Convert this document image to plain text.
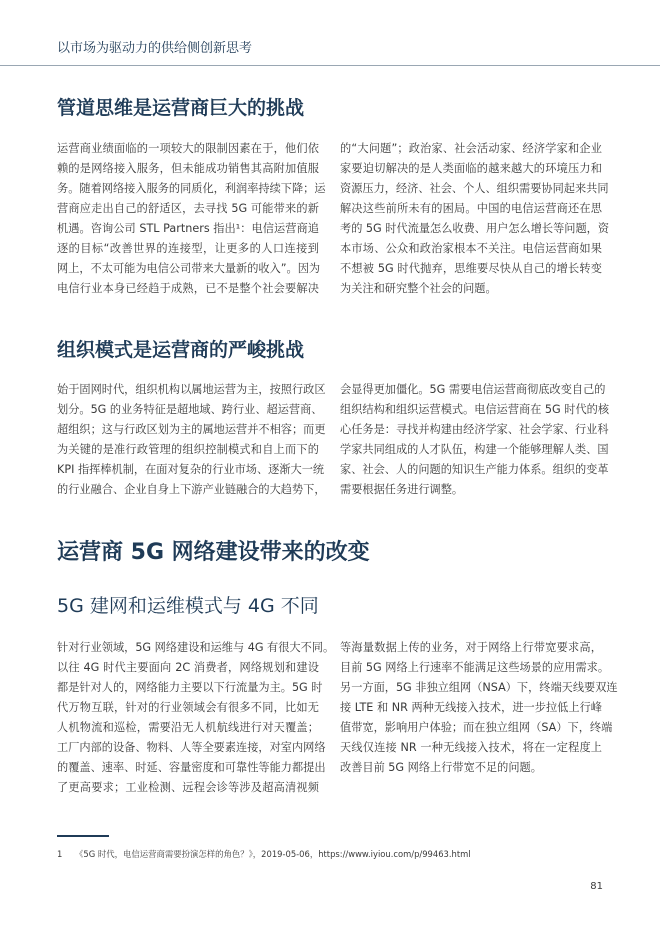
以市场为驱动力的供给侧创新思考
管道思维是运营商巨大的挑战
运营商业绩面临的一项较大的限制因素在于，他们依
赖的是网络接入服务，但未能成功销售其高附加值服
务。随着网络接入服务的同质化，利润率持续下降；运
营商应走出自己的舒适区，去寻找 5G 可能带来的新
机遇。咨询公司 STL Partners 指出¹：电信运营商追
逐的目标“改善世界的连接型，让更多的人口连接到
网上，不太可能为电信公司带来大量新的收入”。因为
电信行业本身已经趋于成熟，已不是整个社会要解决
的“大问题”；政治家、社会活动家、经济学家和企业
家要迫切解决的是人类面临的越来越大的环境压力和
资源压力，经济、社会、个人、组织需要协同起来共同
解决这些前所未有的困局。中国的电信运营商还在思
考的 5G 时代流量怎么收费、用户怎么增长等问题，资
本市场、公众和政治家根本不关注。电信运营商如果
不想被 5G 时代抛弃，思维要尽快从自己的增长转变
为关注和研究整个社会的问题。
组织模式是运营商的严峻挑战
始于固网时代，组织机构以属地运营为主，按照行政区
划分。5G 的业务特征是超地域、跨行业、超运营商、
超组织；这与行政区划为主的属地运营并不相容；而更
为关键的是准行政管理的组织控制模式和自上而下的
KPI 指挥棒机制，在面对复杂的行业市场、逐渐大一统
的行业融合、企业自身上下游产业链融合的大趋势下，
会显得更加僵化。5G 需要电信运营商彻底改变自己的
组织结构和组织运营模式。电信运营商在 5G 时代的核
心任务是：寻找并构建由经济学家、社会学家、行业科
学家共同组成的人才队伍，构建一个能够理解人类、国
家、社会、人的问题的知识生产能力体系。组织的变革
需要根据任务进行调整。
运营商 5G 网络建设带来的改变
5G 建网和运维模式与 4G 不同
针对行业领域，5G 网络建设和运维与 4G 有很大不同。
以往 4G 时代主要面向 2C 消费者，网络规划和建设
都是针对人的，网络能力主要以下行流量为主。5G 时
代万物互联，针对的行业领域会有很多不同，比如无
人机物流和巡检，需要沿无人机航线进行对天覆盖；
工厂内部的设备、物料、人等全要素连接，对室内网络
的覆盖、速率、时延、容量密度和可靠性等能力都提出
了更高要求；工业检测、远程会诊等涉及超高清视频
等海量数据上传的业务，对于网络上行带宽要求高，
目前 5G 网络上行速率不能满足这些场景的应用需求。
另一方面，5G 非独立组网（NSA）下，终端天线要双连
接 LTE 和 NR 两种无线接入技术，进一步拉低上行峰
值带宽，影响用户体验；而在独立组网（SA）下，终端
天线仅连接 NR 一种无线接入技术，将在一定程度上
改善目前 5G 网络上行带宽不足的问题。
1 《5G 时代，电信运营商需要扮演怎样的角色？》，2019-05-06，https://www.iyiou.com/p/99463.html
81
